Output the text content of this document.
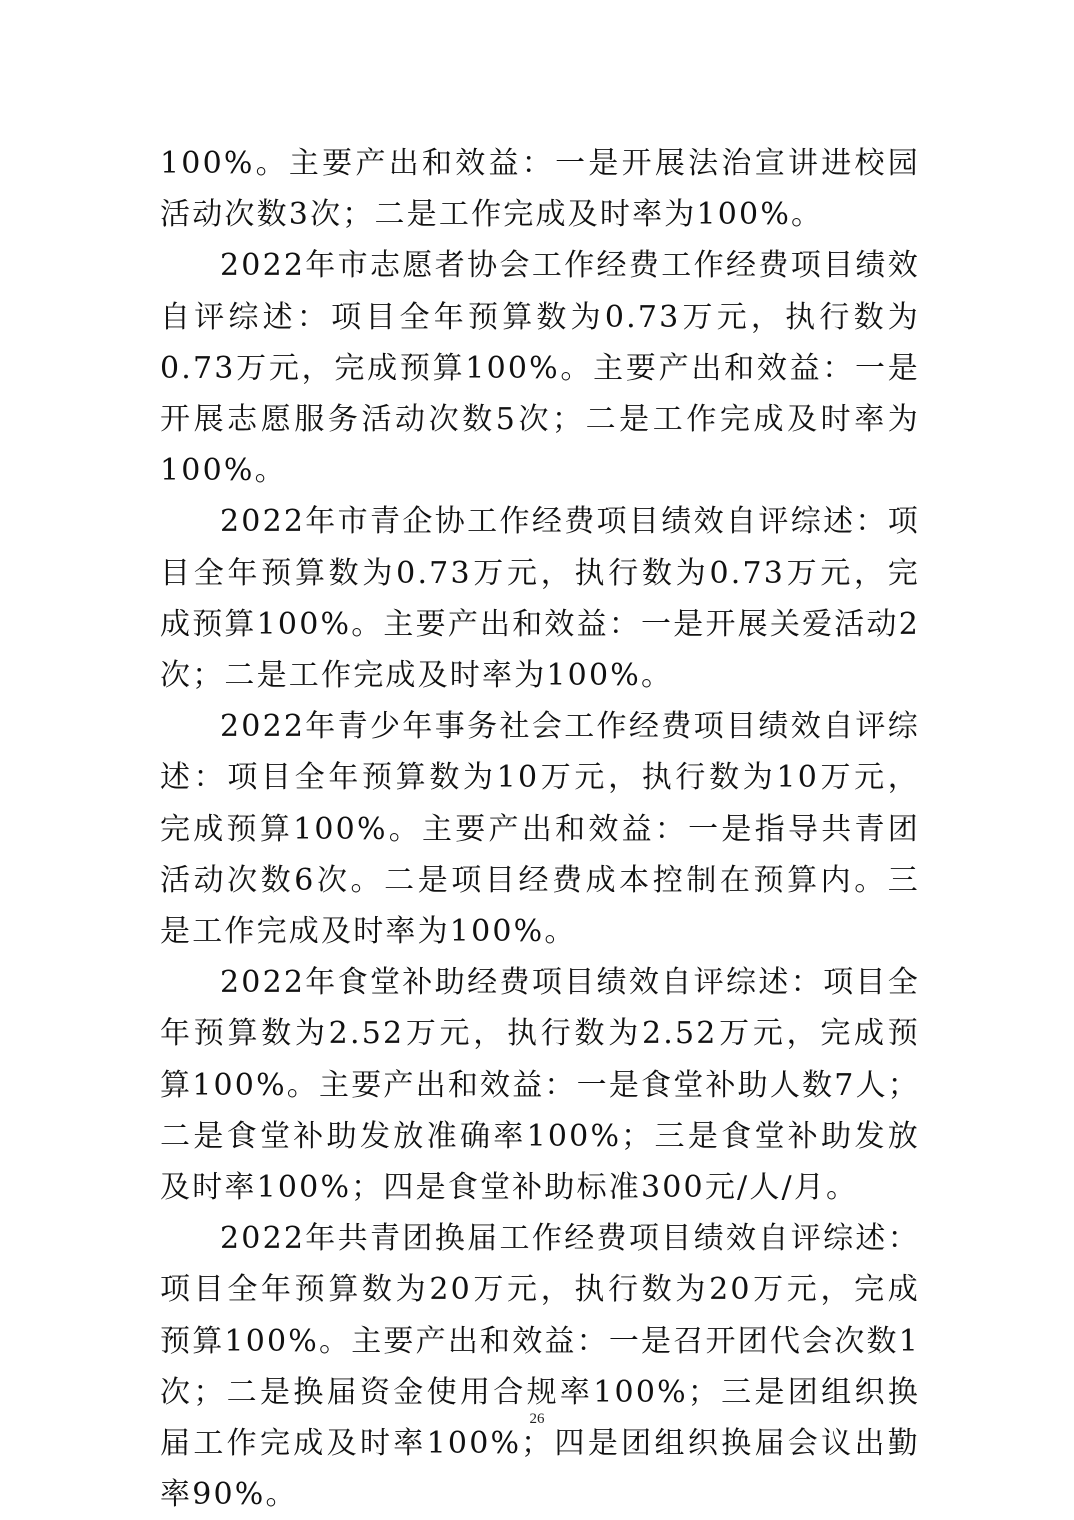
100%。主要产出和效益：一是开展法治宣讲进校园活动次数3次；二是工作完成及时率为100%。

2022年市志愿者协会工作经费工作经费项目绩效自评综述：项目全年预算数为0.73万元，执行数为0.73万元，完成预算100%。主要产出和效益：一是开展志愿服务活动次数5次；二是工作完成及时率为100%。

2022年市青企协工作经费项目绩效自评综述：项目全年预算数为0.73万元，执行数为0.73万元，完成预算100%。主要产出和效益：一是开展关爱活动2次；二是工作完成及时率为100%。

2022年青少年事务社会工作经费项目绩效自评综述：项目全年预算数为10万元，执行数为10万元，完成预算100%。主要产出和效益：一是指导共青团活动次数6次。二是项目经费成本控制在预算内。三是工作完成及时率为100%。

2022年食堂补助经费项目绩效自评综述：项目全年预算数为2.52万元，执行数为2.52万元，完成预算100%。主要产出和效益：一是食堂补助人数7人；二是食堂补助发放准确率100%；三是食堂补助发放及时率100%；四是食堂补助标准300元/人/月。

2022年共青团换届工作经费项目绩效自评综述：项目全年预算数为20万元，执行数为20万元，完成预算100%。主要产出和效益：一是召开团代会次数1次；二是换届资金使用合规率100%；三是团组织换届工作完成及时率100%；四是团组织换届会议出勤率90%。

26
